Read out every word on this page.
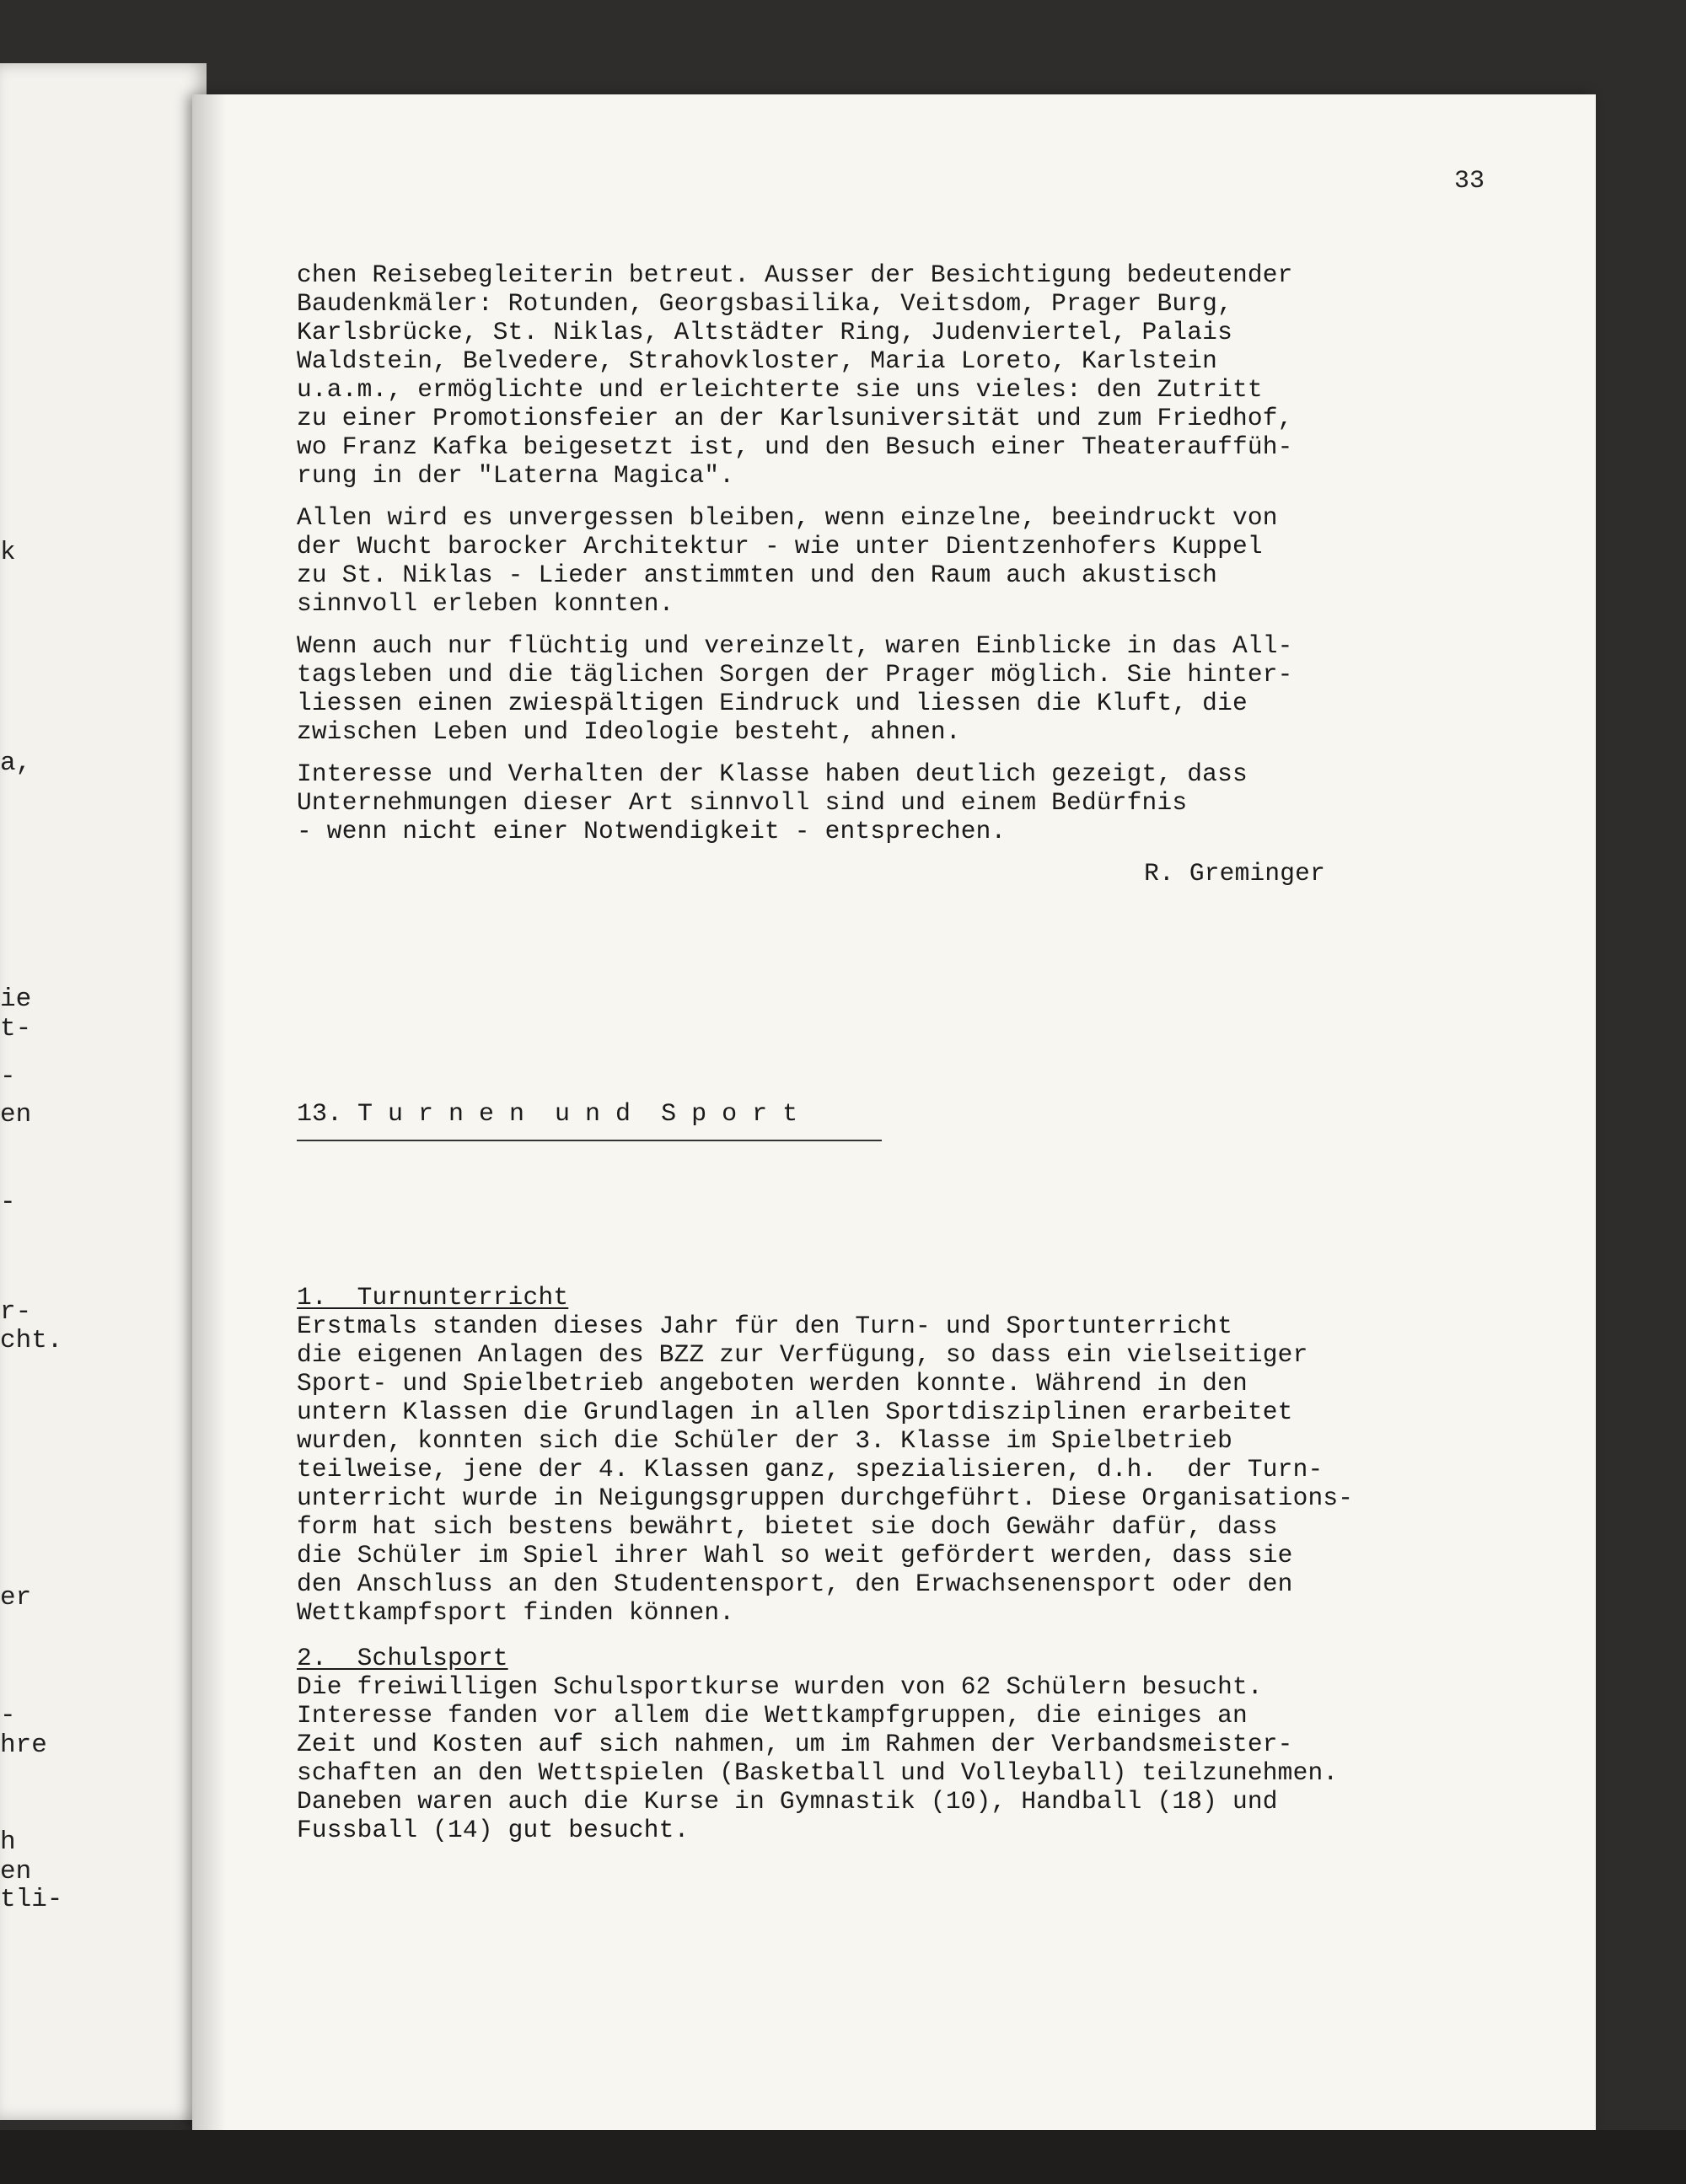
k
a,
ie
t-
-
en
-
r-
cht.
er
-
hre
h
en
tli-
33

chen Reisebegleiterin betreut. Ausser der Besichtigung bedeutender
Baudenkmäler: Rotunden, Georgsbasilika, Veitsdom, Prager Burg,
Karlsbrücke, St. Niklas, Altstädter Ring, Judenviertel, Palais
Waldstein, Belvedere, Strahovkloster, Maria Loreto, Karlstein
u.a.m., ermöglichte und erleichterte sie uns vieles: den Zutritt
zu einer Promotionsfeier an der Karlsuniversität und zum Friedhof,
wo Franz Kafka beigesetzt ist, und den Besuch einer Theaterauffüh-
rung in der "Laterna Magica".

Allen wird es unvergessen bleiben, wenn einzelne, beeindruckt von
der Wucht barocker Architektur - wie unter Dientzenhofers Kuppel
zu St. Niklas - Lieder anstimmten und den Raum auch akustisch
sinnvoll erleben konnten.

Wenn auch nur flüchtig und vereinzelt, waren Einblicke in das All-
tagsleben und die täglichen Sorgen der Prager möglich. Sie hinter-
liessen einen zwiespältigen Eindruck und liessen die Kluft, die
zwischen Leben und Ideologie besteht, ahnen.

Interesse und Verhalten der Klasse haben deutlich gezeigt, dass
Unternehmungen dieser Art sinnvoll sind und einem Bedürfnis
- wenn nicht einer Notwendigkeit - entsprechen.

R. Greminger
13. T u r n e n  u n d  S p o r t
1.  Turnunterricht
Erstmals standen dieses Jahr für den Turn- und Sportunterricht
die eigenen Anlagen des BZZ zur Verfügung, so dass ein vielseitiger
Sport- und Spielbetrieb angeboten werden konnte. Während in den
untern Klassen die Grundlagen in allen Sportdisziplinen erarbeitet
wurden, konnten sich die Schüler der 3. Klasse im Spielbetrieb
teilweise, jene der 4. Klassen ganz, spezialisieren, d.h.  der Turn-
unterricht wurde in Neigungsgruppen durchgeführt. Diese Organisations-
form hat sich bestens bewährt, bietet sie doch Gewähr dafür, dass
die Schüler im Spiel ihrer Wahl so weit gefördert werden, dass sie
den Anschluss an den Studentensport, den Erwachsenensport oder den
Wettkampfsport finden können.
2.  Schulsport
Die freiwilligen Schulsportkurse wurden von 62 Schülern besucht.
Interesse fanden vor allem die Wettkampfgruppen, die einiges an
Zeit und Kosten auf sich nahmen, um im Rahmen der Verbandsmeister-
schaften an den Wettspielen (Basketball und Volleyball) teilzunehmen.
Daneben waren auch die Kurse in Gymnastik (10), Handball (18) und
Fussball (14) gut besucht.
